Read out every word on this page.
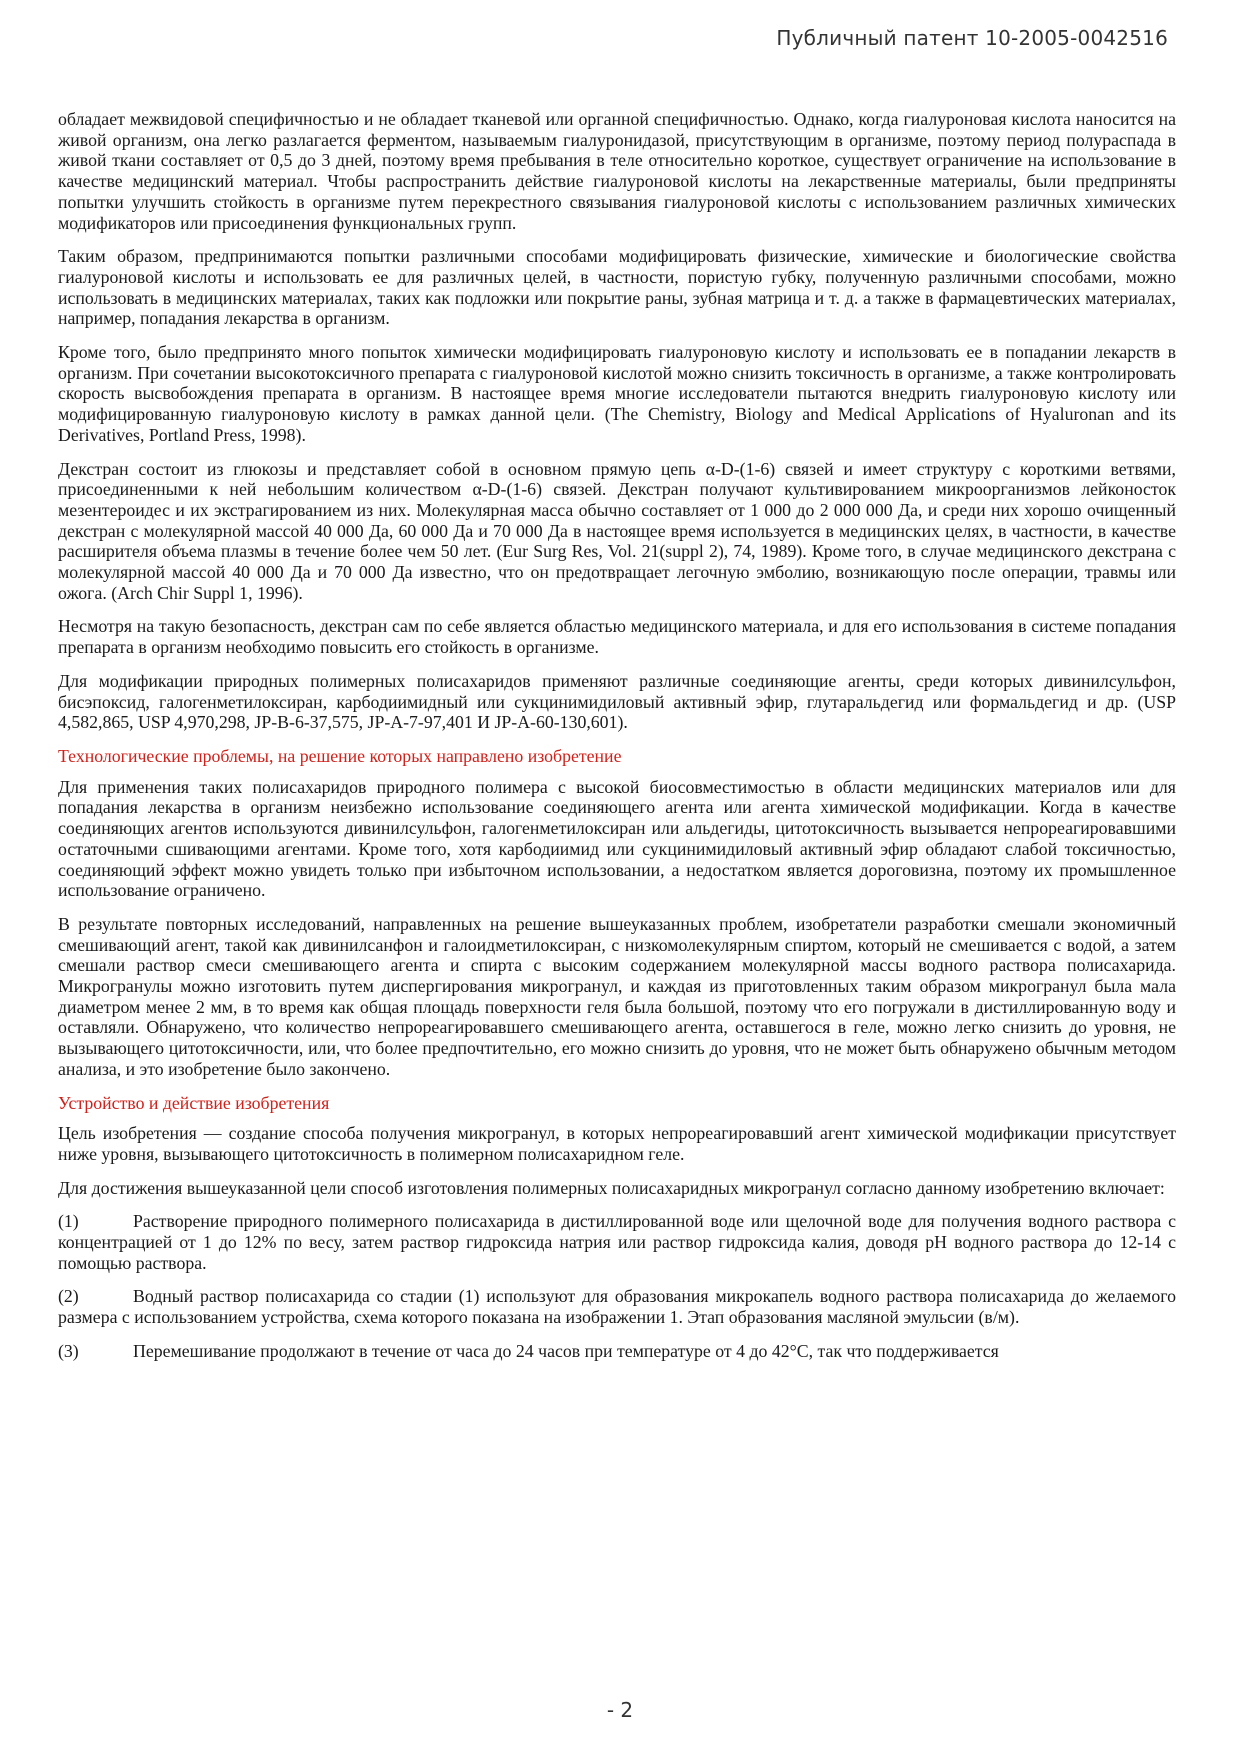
Публичный патент 10-2005-0042516

обладает межвидовой специфичностью и не обладает тканевой или органной специфичностью. Однако, когда гиалуроновая кислота наносится на живой организм, она легко разлагается ферментом, называемым гиалуронидазой, присутствующим в организме, поэтому период полураспада в живой ткани составляет от 0,5 до 3 дней, поэтому время пребывания в теле относительно короткое, существует ограничение на использование в качестве медицинский материал. Чтобы распространить действие гиалуроновой кислоты на лекарственные материалы, были предприняты попытки улучшить стойкость в организме путем перекрестного связывания гиалуроновой кислоты с использованием различных химических модификаторов или присоединения функциональных групп.

Таким образом, предпринимаются попытки различными способами модифицировать физические, химические и биологические свойства гиалуроновой кислоты и использовать ее для различных целей, в частности, пористую губку, полученную различными способами, можно использовать в медицинских материалах, таких как подложки или покрытие раны, зубная матрица и т. д. а также в фармацевтических материалах, например, попадания лекарства в организм.

Кроме того, было предпринято много попыток химически модифицировать гиалуроновую кислоту и использовать ее в попадании лекарств в организм. При сочетании высокотоксичного препарата с гиалуроновой кислотой можно снизить токсичность в организме, а также контролировать скорость высвобождения препарата в организм. В настоящее время многие исследователи пытаются внедрить гиалуроновую кислоту или модифицированную гиалуроновую кислоту в рамках данной цели. (The Chemistry, Biology and Medical Applications of Hyaluronan and its Derivatives, Portland Press, 1998).

Декстран состоит из глюкозы и представляет собой в основном прямую цепь α-D-(1-6) связей и имеет структуру с короткими ветвями, присоединенными к ней небольшим количеством α-D-(1-6) связей. Декстран получают культивированием микроорганизмов лейконосток мезентероидес и их экстрагированием из них. Молекулярная масса обычно составляет от 1 000 до 2 000 000 Да, и среди них хорошо очищенный декстран с молекулярной массой 40 000 Да, 60 000 Да и 70 000 Да в настоящее время используется в медицинских целях, в частности, в качестве расширителя объема плазмы в течение более чем 50 лет. (Eur Surg Res, Vol. 21(suppl 2), 74, 1989). Кроме того, в случае медицинского декстрана с молекулярной массой 40 000 Да и 70 000 Да известно, что он предотвращает легочную эмболию, возникающую после операции, травмы или ожога. (Arch Chir Suppl 1, 1996).

Несмотря на такую безопасность, декстран сам по себе является областью медицинского материала, и для его использования в системе попадания препарата в организм необходимо повысить его стойкость в организме.

Для модификации природных полимерных полисахаридов применяют различные соединяющие агенты, среди которых дивинилсульфон, бисэпоксид, галогенметилоксиран, карбодиимидный или сукцинимидиловый активный эфир, глутаральдегид или формальдегид и др. (USP 4,582,865, USP 4,970,298, JP-B-6-37,575, JP-A-7-97,401 И JP-A-60-130,601).

Технологические проблемы, на решение которых направлено изобретение

Для применения таких полисахаридов природного полимера с высокой биосовместимостью в области медицинских материалов или для попадания лекарства в организм неизбежно использование соединяющего агента или агента химической модификации. Когда в качестве соединяющих агентов используются дивинилсульфон, галогенметилоксиран или альдегиды, цитотоксичность вызывается непрореагировавшими остаточными сшивающими агентами. Кроме того, хотя карбодиимид или сукцинимидиловый активный эфир обладают слабой токсичностью, соединяющий эффект можно увидеть только при избыточном использовании, а недостатком является дороговизна, поэтому их промышленное использование ограничено.

В результате повторных исследований, направленных на решение вышеуказанных проблем, изобретатели разработки смешали экономичный смешивающий агент, такой как дивинилсанфон и галоидметилоксиран, с низкомолекулярным спиртом, который не смешивается с водой, а затем смешали раствор смеси смешивающего агента и спирта с высоким содержанием молекулярной массы водного раствора полисахарида. Микрогранулы можно изготовить путем диспергирования микрогранул, и каждая из приготовленных таким образом микрогранул была мала диаметром менее 2 мм, в то время как общая площадь поверхности геля была большой, поэтому что его погружали в дистиллированную воду и оставляли. Обнаружено, что количество непрореагировавшего смешивающего агента, оставшегося в геле, можно легко снизить до уровня, не вызывающего цитотоксичности, или, что более предпочтительно, его можно снизить до уровня, что не может быть обнаружено обычным методом анализа, и это изобретение было закончено.

Устройство и действие изобретения

Цель изобретения — создание способа получения микрогранул, в которых непрореагировавший агент химической модификации присутствует ниже уровня, вызывающего цитотоксичность в полимерном полисахаридном геле.

Для достижения вышеуказанной цели способ изготовления полимерных полисахаридных микрогранул согласно данному изобретению включает:

(1)	Растворение природного полимерного полисахарида в дистиллированной воде или щелочной воде для получения водного раствора с концентрацией от 1 до 12% по весу, затем раствор гидроксида натрия или раствор гидроксида калия, доводя pH водного раствора до 12-14 с помощью раствора.

(2)	Водный раствор полисахарида со стадии (1) используют для образования микрокапель водного раствора полисахарида до желаемого размера с использованием устройства, схема которого показана на изображении 1. Этап образования масляной эмульсии (в/м).

(3)	Перемешивание продолжают в течение от часа до 24 часов при температуре от 4 до 42°C, так что поддерживается

- 2
